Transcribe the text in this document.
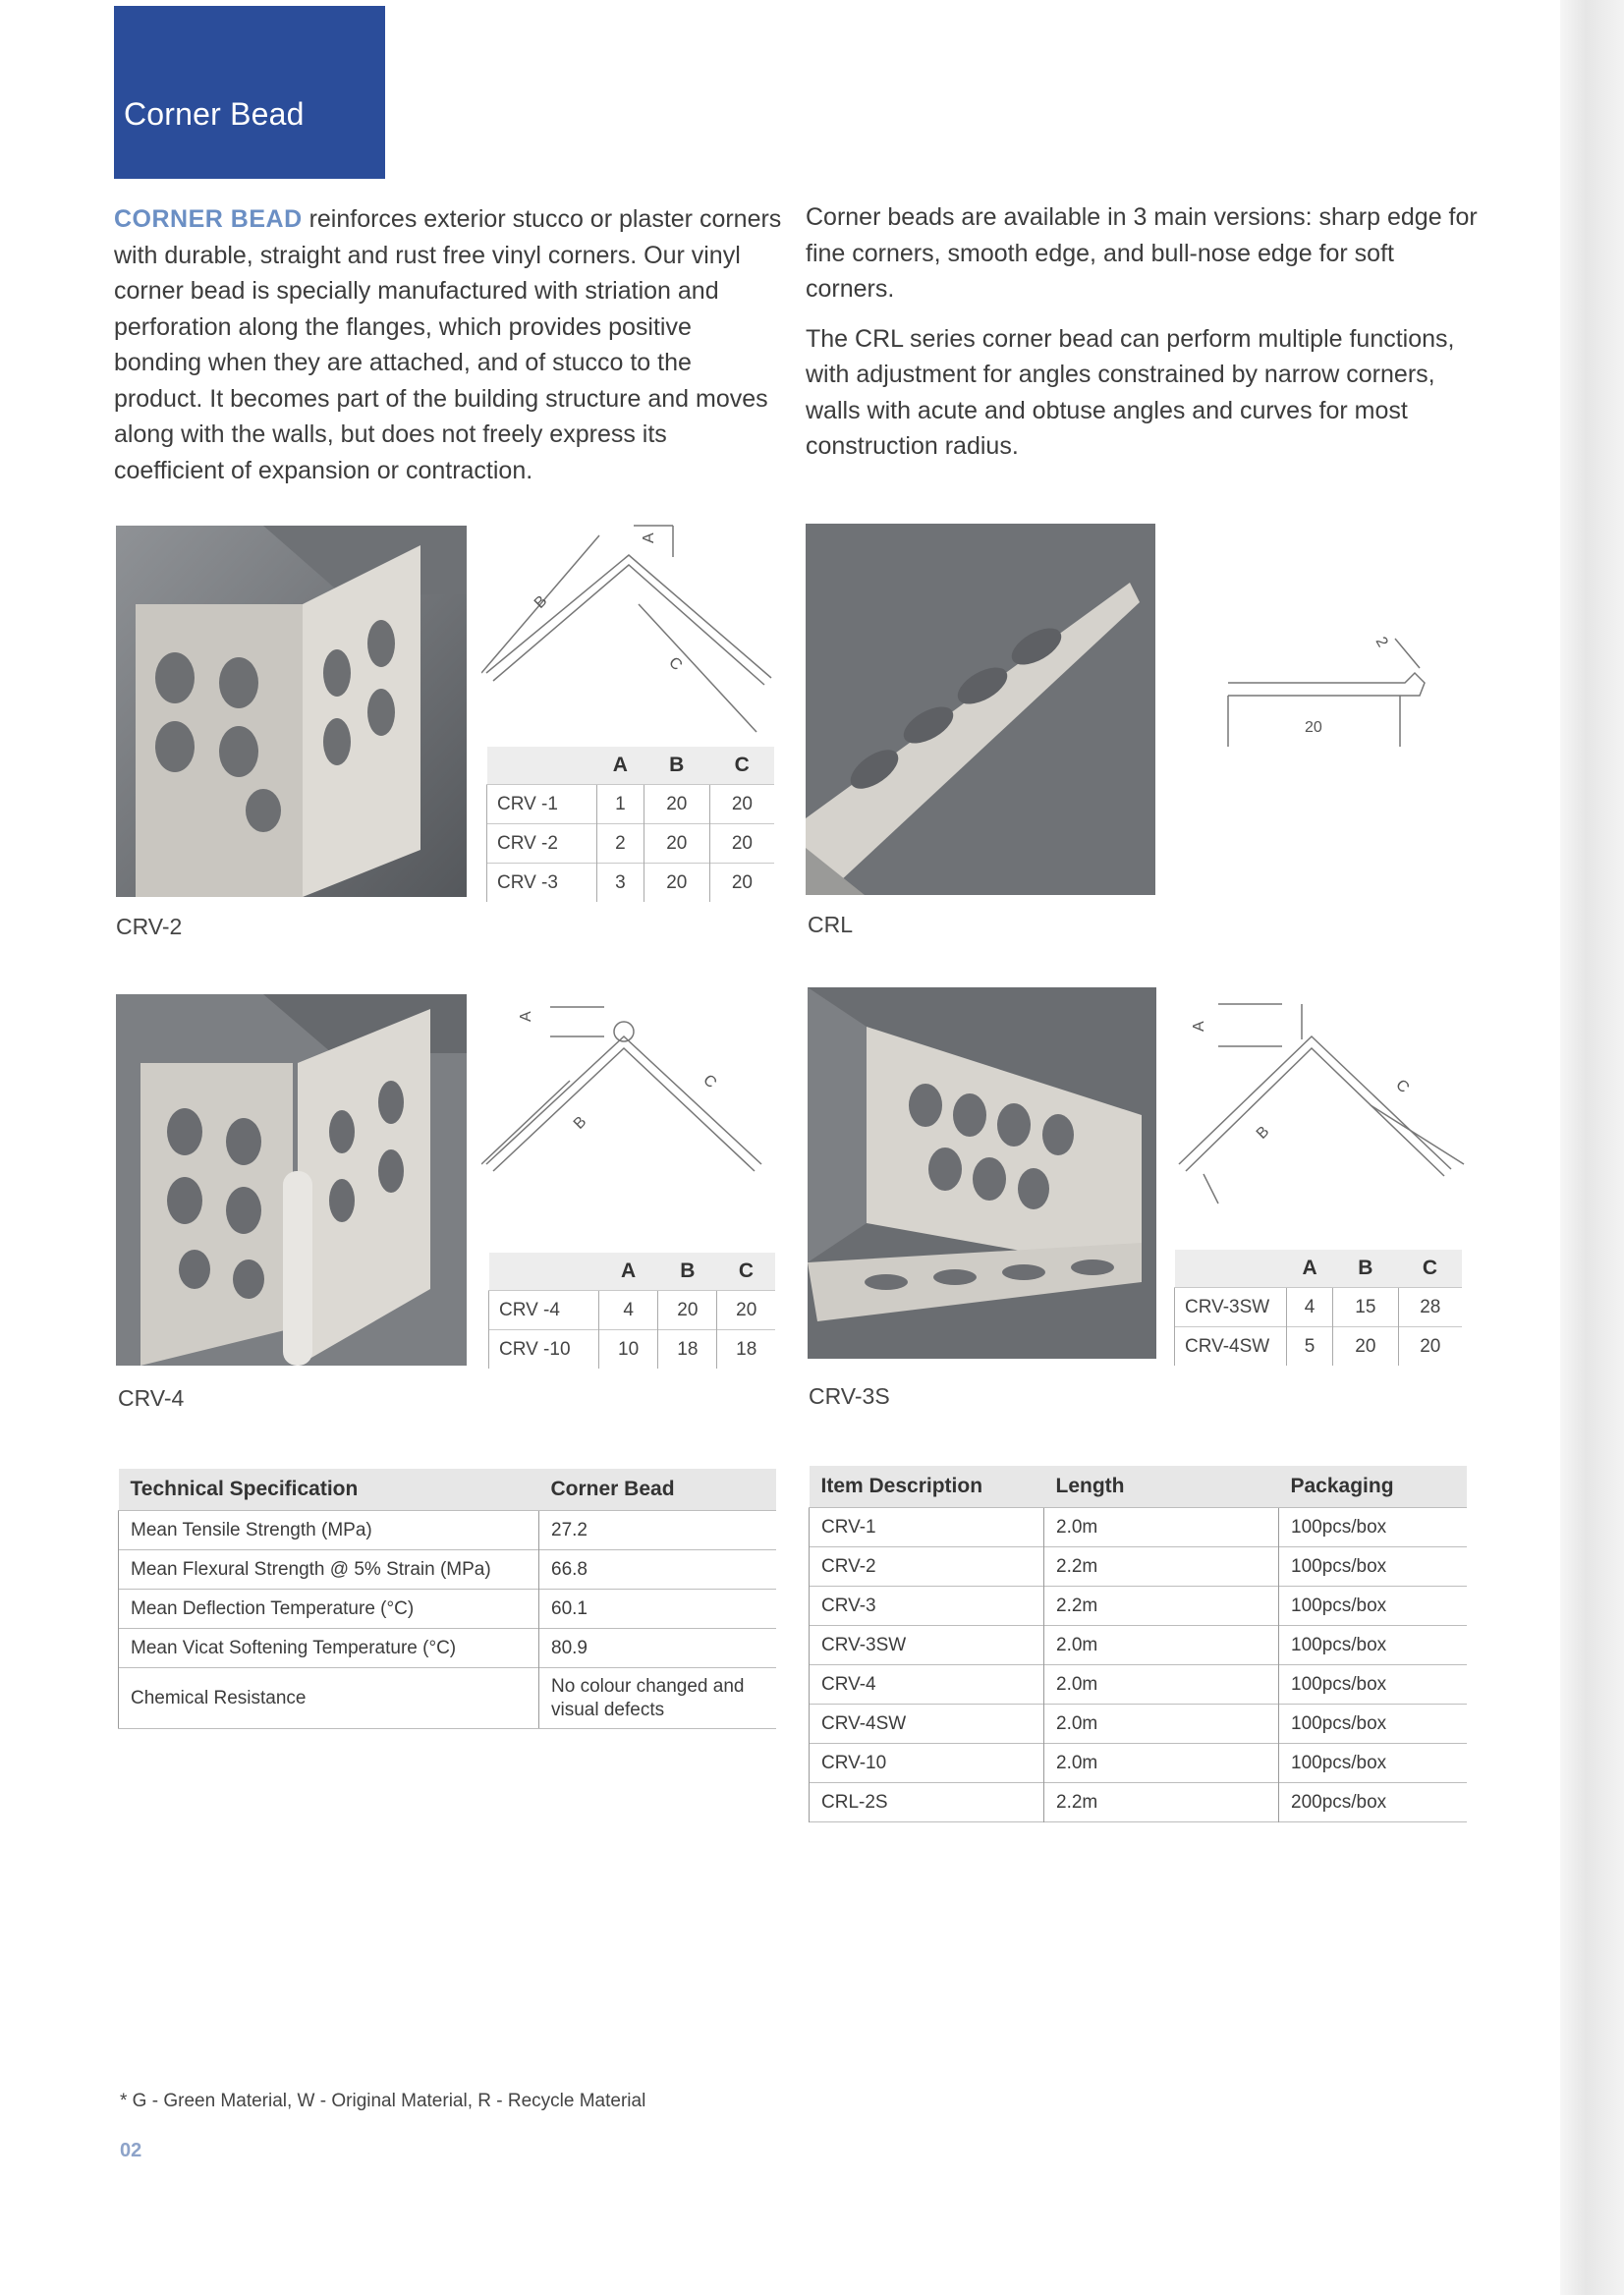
Corner Bead
CORNER BEAD reinforces exterior stucco or plaster corners with durable, straight and rust free vinyl corners. Our vinyl corner bead is specially manufactured with striation and perforation along the flanges, which provides positive bonding when they are attached, and of stucco to the product. It becomes part of the building structure and moves along with the walls, but does not freely express its coefficient of expansion or contraction.

Corner beads are available in 3 main versions: sharp edge for fine corners, smooth edge, and bull-nose edge for soft corners.

The CRL series corner bead can perform multiple functions, with adjustment for angles constrained by narrow corners, walls with acute and obtuse angles and curves for most construction radius.

CRV-2
B
C
A
	A	B	C
CRV -1	1	20	20
CRV -2	2	20	20
CRV -3	3	20	20
CRL
20
2
CRV-4
A
B
C
	A	B	C
CRV -4	4	20	20
CRV -10	10	18	18
CRV-3S
A
B
C
	A	B	C
CRV-3SW	4	15	28
CRV-4SW	5	20	20
Technical Specification	Corner Bead
Mean Tensile Strength (MPa)	27.2
Mean Flexural Strength @ 5% Strain (MPa)	66.8
Mean Deflection Temperature (°C)	60.1
Mean Vicat Softening Temperature (°C)	80.9
Chemical Resistance	No colour changed and visual defects
Item Description	Length	Packaging
CRV-1	2.0m	100pcs/box
CRV-2	2.2m	100pcs/box
CRV-3	2.2m	100pcs/box
CRV-3SW	2.0m	100pcs/box
CRV-4	2.0m	100pcs/box
CRV-4SW	2.0m	100pcs/box
CRV-10	2.0m	100pcs/box
CRL-2S	2.2m	200pcs/box
* G - Green Material, W - Original Material, R - Recycle Material
02
